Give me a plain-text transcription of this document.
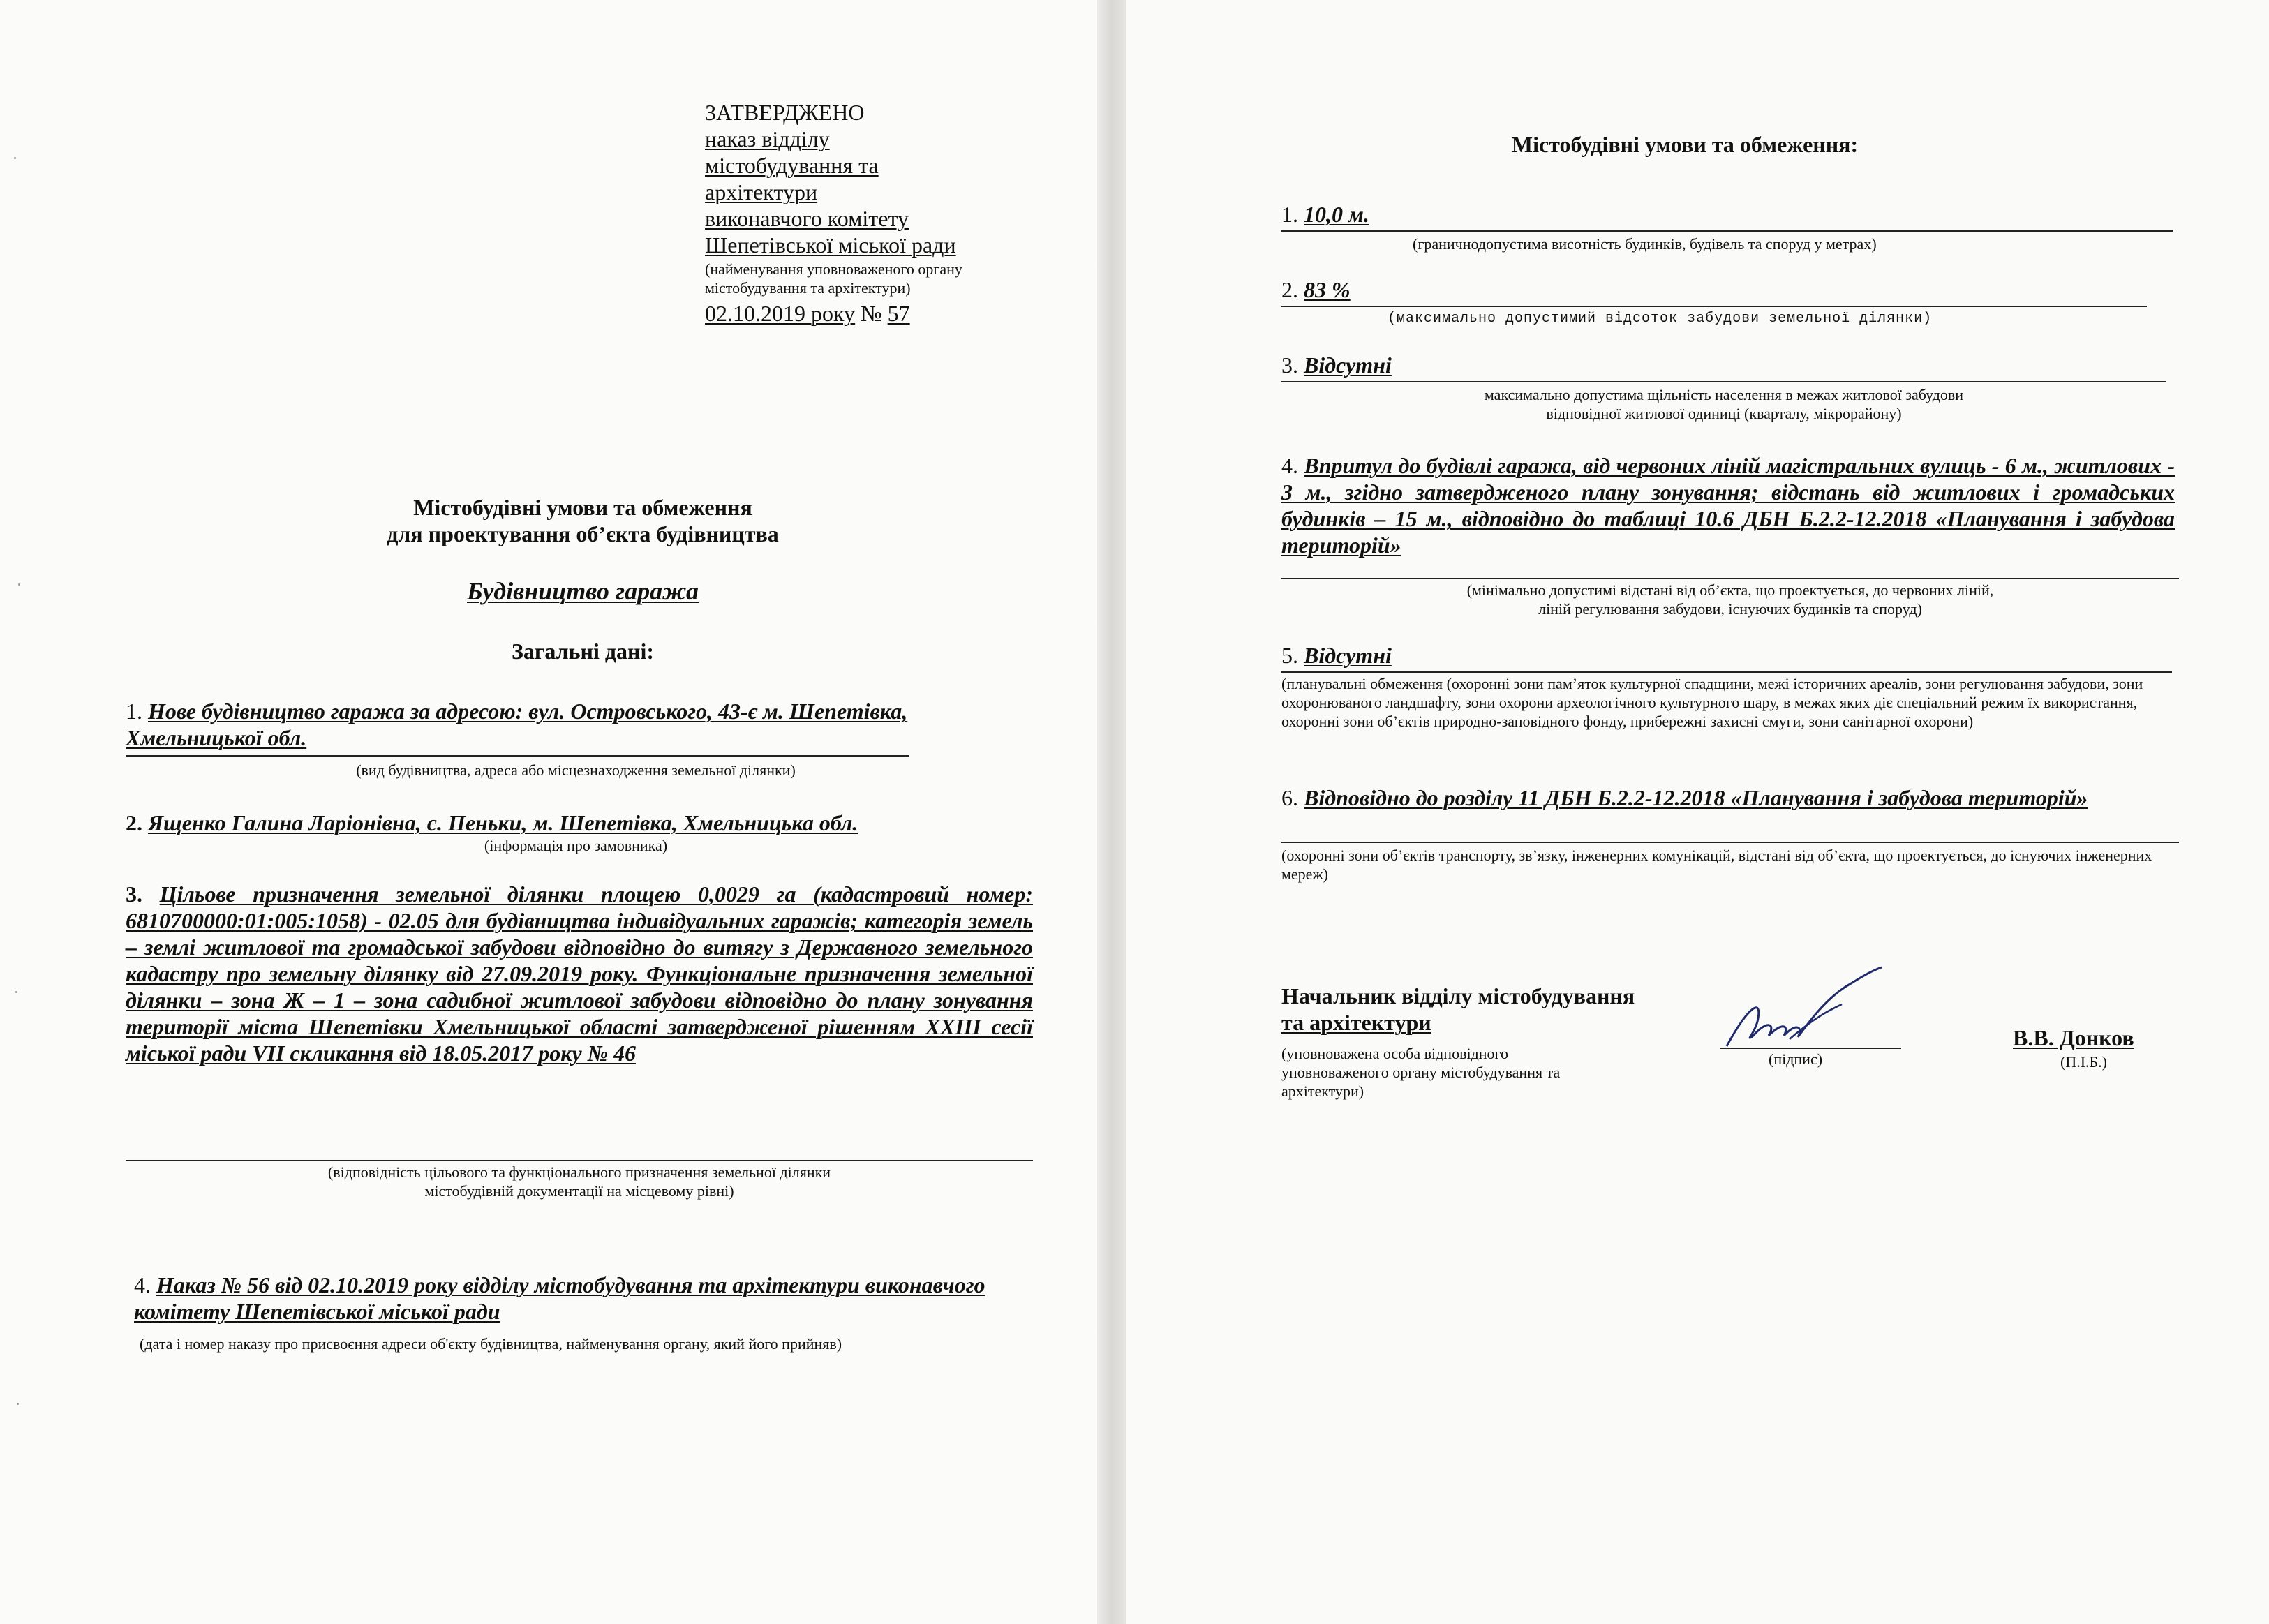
ЗАТВЕРДЖЕНО
наказ відділу
містобудування та
архітектури
виконавчого комітету
Шепетівської міської ради
(найменування уповноваженого органу містобудування та архітектури)
02.10.2019 року № 57
Містобудівні умови та обмеження
для проектування об’єкта будівництва
Будівництво гаража
Загальні дані:
1. Нове будівництво гаража за адресою: вул. Островського, 43-є м. Шепетівка, Хмельницької обл.
(вид будівництва, адреса або місцезнаходження земельної ділянки)
2. Ященко Галина Ларіонівна, с. Пеньки, м. Шепетівка, Хмельницька обл.
(інформація про замовника)
3. Цільове призначення земельної ділянки площею 0,0029 га (кадастровий номер: 6810700000:01:005:1058) - 02.05 для будівництва індивідуальних гаражів; категорія земель – землі житлової та громадської забудови відповідно до витягу з Державного земельного кадастру про земельну ділянку від 27.09.2019 року. Функціональне призначення земельної ділянки – зона Ж – 1 – зона садибної житлової забудови відповідно до плану зонування території міста Шепетівки Хмельницької області затвердженої рішенням XXIII сесії міської ради VII скликання від 18.05.2017 року № 46
(відповідність цільового та функціонального призначення земельної ділянки
містобудівній документації на місцевому рівні)
4. Наказ № 56 від 02.10.2019 року відділу містобудування та архітектури виконавчого комітету Шепетівської міської ради
(дата і номер наказу про присвоєння адреси об'єкту будівництва, найменування органу, який його прийняв)
Містобудівні умови та обмеження:
1. 10,0 м.
(граничнодопустима висотність будинків, будівель та споруд у метрах)
2. 83 %
(максимально допустимий відсоток забудови земельної ділянки)
3. Відсутні
максимально допустима щільність населення в межах житлової забудови
відповідної житлової одиниці (кварталу, мікрорайону)
4. Впритул до будівлі гаража, від червоних ліній магістральних вулиць - 6 м., житлових - 3 м., згідно затвердженого плану зонування; відстань від житлових і громадських будинків – 15 м., відповідно до таблиці 10.6 ДБН Б.2.2-12.2018 «Планування і забудова територій»
(мінімально допустимі відстані від об’єкта, що проектується, до червоних ліній,
ліній регулювання забудови, існуючих будинків та споруд)
5. Відсутні
(планувальні обмеження (охоронні зони пам’яток культурної спадщини, межі історичних ареалів, зони регулювання забудови, зони охоронюваного ландшафту, зони охорони археологічного культурного шару, в межах яких діє спеціальний режим їх використання, охоронні зони об’єктів природно-заповідного фонду, прибережні захисні смуги, зони санітарної охорони)
6. Відповідно до розділу 11 ДБН Б.2.2-12.2018 «Планування і забудова територій»
(охоронні зони об’єктів транспорту, зв’язку, інженерних комунікацій, відстані від об’єкта, що проектується, до існуючих інженерних мереж)
Начальник відділу містобудування
та архітектури
(уповноважена особа відповідного уповноваженого органу містобудування та архітектури)
(підпис)
В.В. Донков
(П.І.Б.)
